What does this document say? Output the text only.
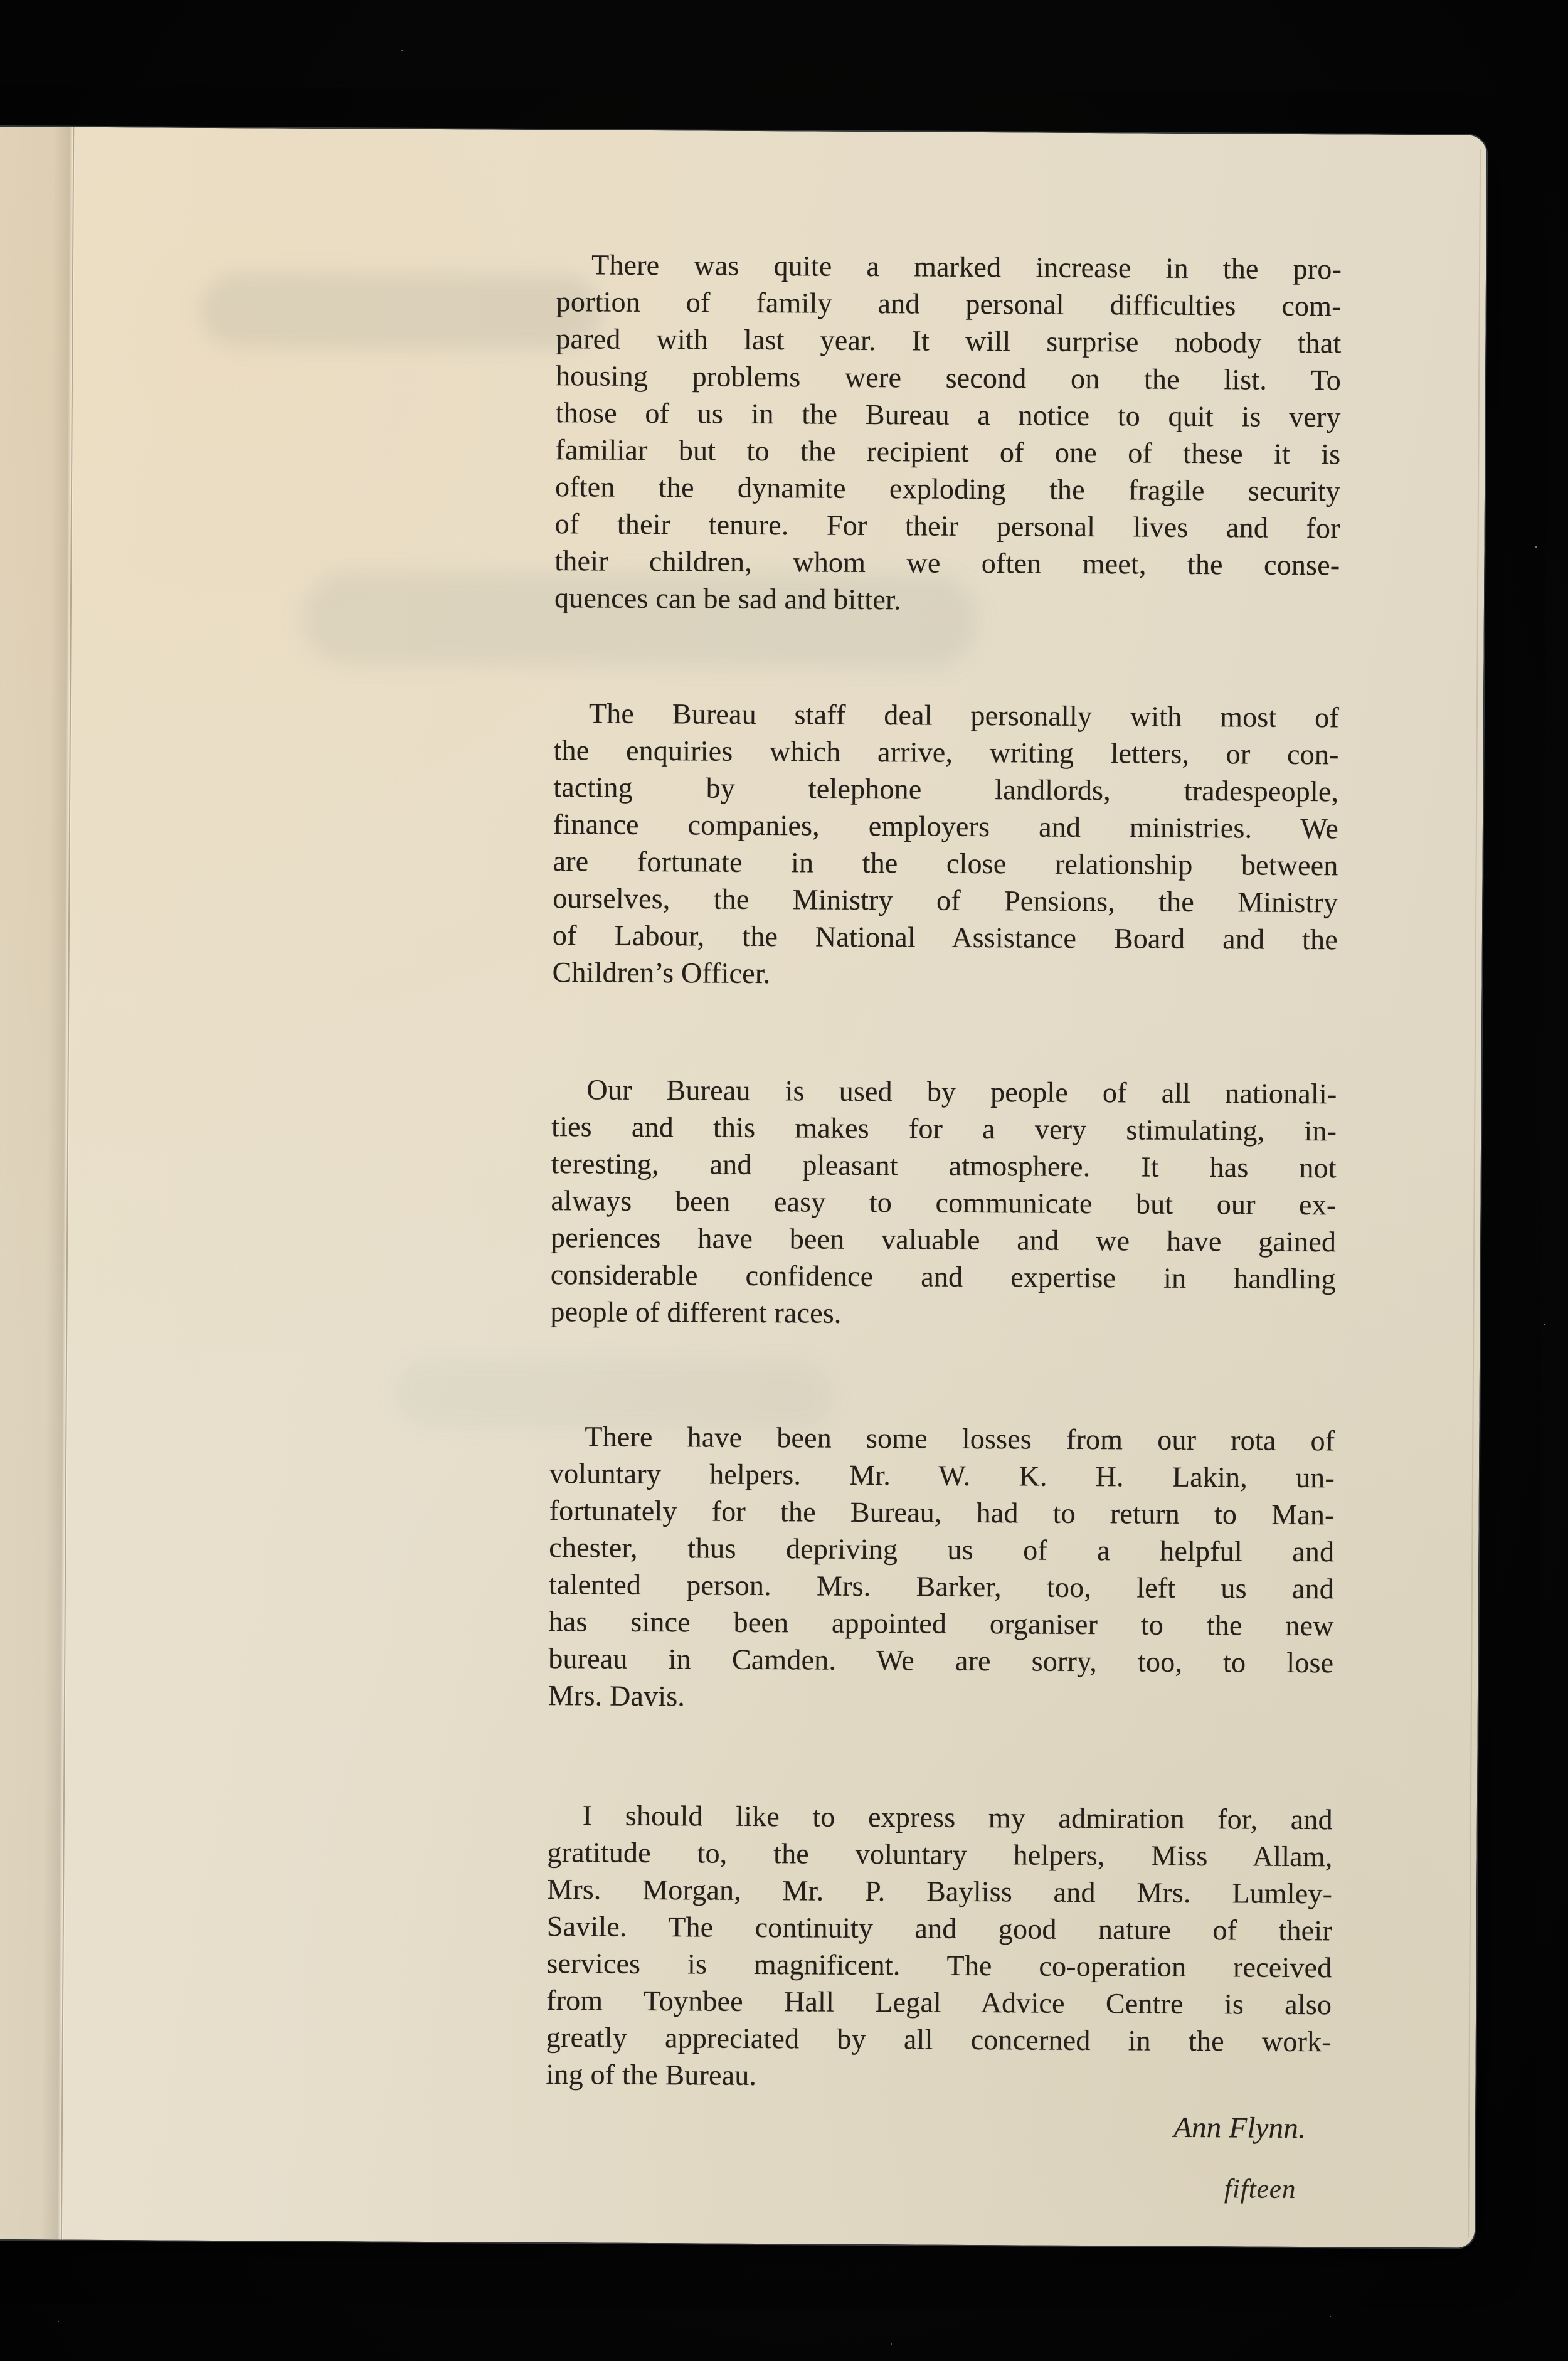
There was quite a marked increase in the pro-
portion of family and personal difficulties com-
pared with last year. It will surprise nobody that
housing problems were second on the list. To
those of us in the Bureau a notice to quit is very
familiar but to the recipient of one of these it is
often the dynamite exploding the fragile security
of their tenure. For their personal lives and for
their children, whom we often meet, the conse-
quences can be sad and bitter.

The Bureau staff deal personally with most of
the enquiries which arrive, writing letters, or con-
tacting by telephone landlords, tradespeople,
finance companies, employers and ministries. We
are fortunate in the close relationship between
ourselves, the Ministry of Pensions, the Ministry
of Labour, the National Assistance Board and the
Children’s Officer.

Our Bureau is used by people of all nationali-
ties and this makes for a very stimulating, in-
teresting, and pleasant atmosphere. It has not
always been easy to communicate but our ex-
periences have been valuable and we have gained
considerable confidence and expertise in handling
people of different races.

There have been some losses from our rota of
voluntary helpers. Mr. W. K. H. Lakin, un-
fortunately for the Bureau, had to return to Man-
chester, thus depriving us of a helpful and
talented person. Mrs. Barker, too, left us and
has since been appointed organiser to the new
bureau in Camden. We are sorry, too, to lose
Mrs. Davis.

I should like to express my admiration for, and
gratitude to, the voluntary helpers, Miss Allam,
Mrs. Morgan, Mr. P. Bayliss and Mrs. Lumley-
Savile. The continuity and good nature of their
services is magnificent. The co-operation received
from Toynbee Hall Legal Advice Centre is also
greatly appreciated by all concerned in the work-
ing of the Bureau.

Ann Flynn.
fifteen
